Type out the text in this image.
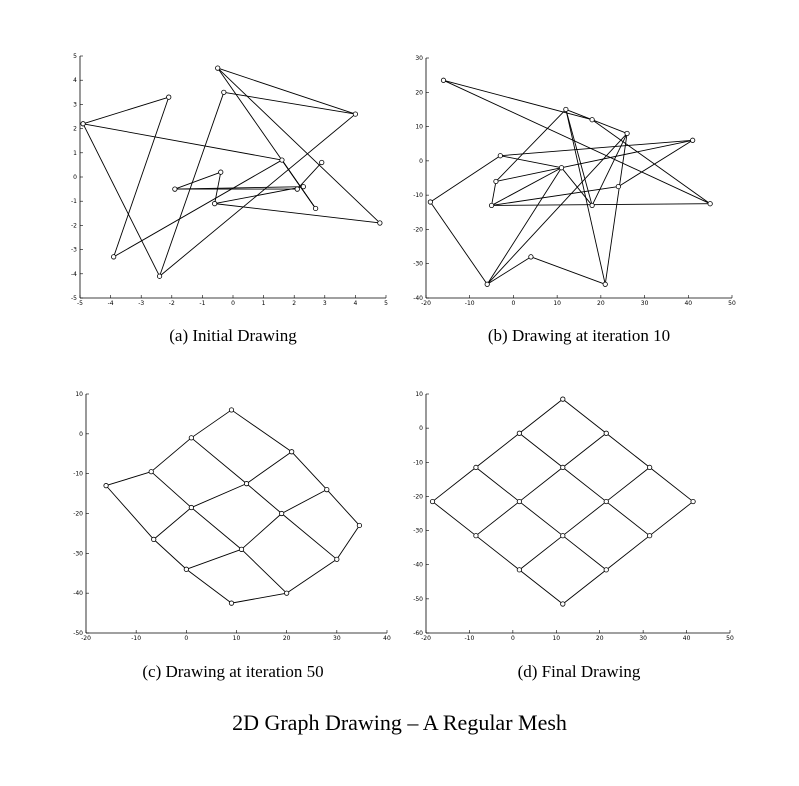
-5	-4	-3	-2	-1	0	1	2	3	4	5
-5
-4
-3
-2
-1
0
1
2
3
4
5
-20	-10	0	10	20	30	40	50
-40
-30
-20
-10
0
10
20
30
-20	-10	0	10	20	30	40
-50
-40
-30
-20
-10
0
10
-20	-10	0	10	20	30	40	50
-60
-50
-40
-30
-20
-10
0
10
(a) Initial Drawing	(b) Drawing at iteration 10
(c) Drawing at iteration 50	(d) Final Drawing
2D Graph Drawing – A Regular Mesh
